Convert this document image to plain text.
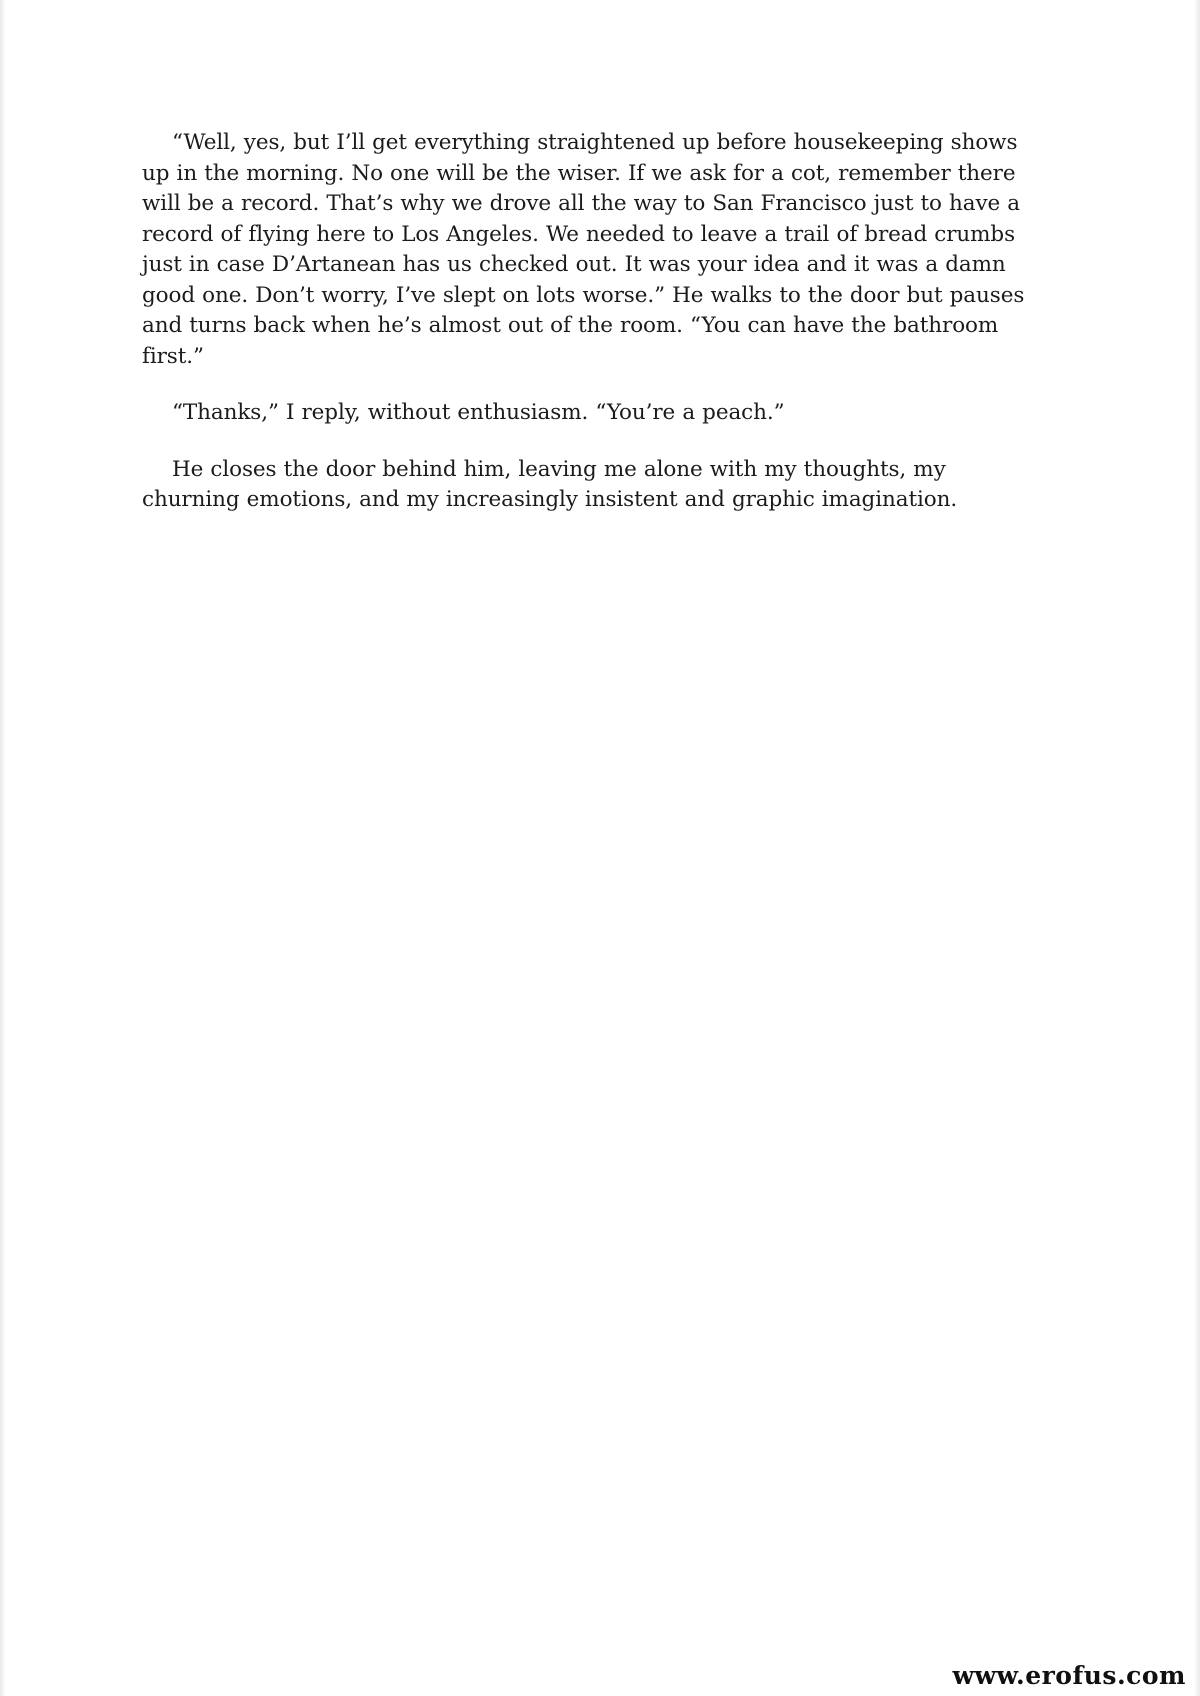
“Well, yes, but I’ll get everything straightened up before housekeeping shows up in the morning. No one will be the wiser. If we ask for a cot, remember there will be a record. That’s why we drove all the way to San Francisco just to have a record of flying here to Los Angeles. We needed to leave a trail of bread crumbs just in case D’Artanean has us checked out. It was your idea and it was a damn good one. Don’t worry, I’ve slept on lots worse.” He walks to the door but pauses and turns back when he’s almost out of the room. “You can have the bathroom first.”

“Thanks,” I reply, without enthusiasm. “You’re a peach.”

He closes the door behind him, leaving me alone with my thoughts, my churning emotions, and my increasingly insistent and graphic imagination.

www.erofus.com
